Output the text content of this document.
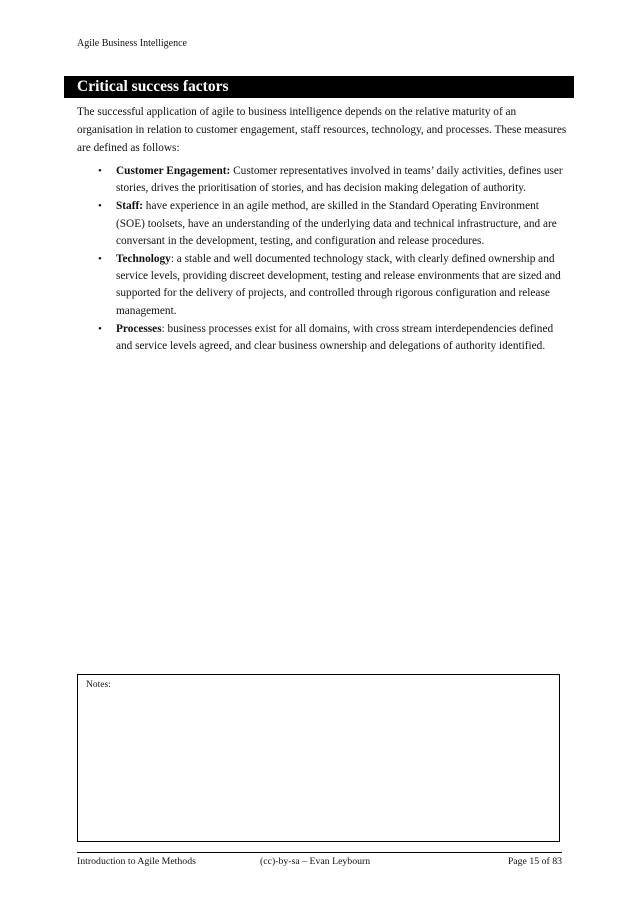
Agile Business Intelligence
Critical success factors

The successful application of agile to business intelligence depends on the relative maturity of an organisation in relation to customer engagement, staff resources, technology, and processes. These measures are defined as follows:

• Customer Engagement: Customer representatives involved in teams’ daily activities, defines user stories, drives the prioritisation of stories, and has decision making delegation of authority.
• Staff: have experience in an agile method, are skilled in the Standard Operating Environment (SOE) toolsets, have an understanding of the underlying data and technical infrastructure, and are conversant in the development, testing, and configuration and release procedures.
• Technology: a stable and well documented technology stack, with clearly defined ownership and service levels, providing discreet development, testing and release environments that are sized and supported for the delivery of projects, and controlled through rigorous configuration and release management.
• Processes: business processes exist for all domains, with cross stream interdependencies defined and service levels agreed, and clear business ownership and delegations of authority identified.
Notes:
Introduction to Agile Methods	(cc)-by-sa – Evan Leybourn	Page 15 of 83
